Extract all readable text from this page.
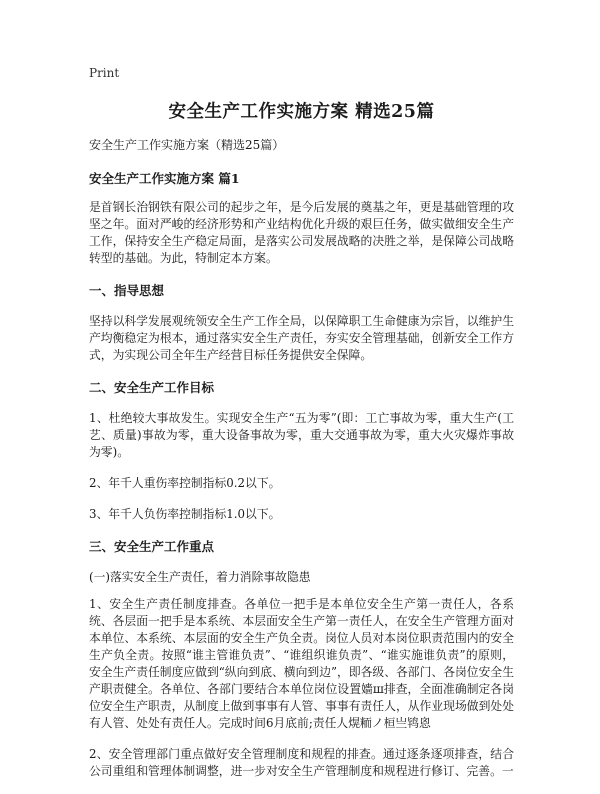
Print
安全生产工作实施方案 精选25篇
安全生产工作实施方案（精选25篇）
安全生产工作实施方案 篇1
是首钢长治钢铁有限公司的起步之年，是今后发展的奠基之年，更是基础管理的攻坚之年。面对严峻的经济形势和产业结构优化升级的艰巨任务，做实做细安全生产工作，保持安全生产稳定局面，是落实公司发展战略的决胜之举，是保障公司战略转型的基础。为此，特制定本方案。
一、指导思想
坚持以科学发展观统领安全生产工作全局，以保障职工生命健康为宗旨，以维护生产均衡稳定为根本，通过落实安全生产责任，夯实安全管理基础，创新安全工作方式，为实现公司全年生产经营目标任务提供安全保障。
二、安全生产工作目标
1、杜绝较大事故发生。实现安全生产“五为零”(即：工亡事故为零，重大生产(工艺、质量)事故为零，重大设备事故为零，重大交通事故为零，重大火灾爆炸事故为零)。
2、年千人重伤率控制指标0.2以下。
3、年千人负伤率控制指标1.0以下。
三、安全生产工作重点
(一)落实安全生产责任，着力消除事故隐患
1、安全生产责任制度排查。各单位一把手是本单位安全生产第一责任人，各系统、各层面一把手是本系统、本层面安全生产第一责任人，在安全生产管理方面对本单位、本系统、本层面的安全生产负全责。岗位人员对本岗位职责范围内的安全生产负全责。按照“谁主管谁负责”、“谁组织谁负责”、“谁实施谁负责”的原则，安全生产责任制度应做到“纵向到底、横向到边”，即各级、各部门、各岗位安全生产职责健全。各单位、各部门要结合本单位岗位设置嬙ш排查，全面准确制定各岗位安全生产职责，从制度上做到事事有人管、事事有责任人，从作业现场做到处处有人管、处处有责任人。完成时间6月底前;责任人熀粫ノ桓亗鸨恖
2、安全管理部门重点做好安全管理制度和规程的排查。通过逐条逐项排查，结合公司重组和管理体制调整，进一步对安全生产管理制度和规程进行修订、完善。一
